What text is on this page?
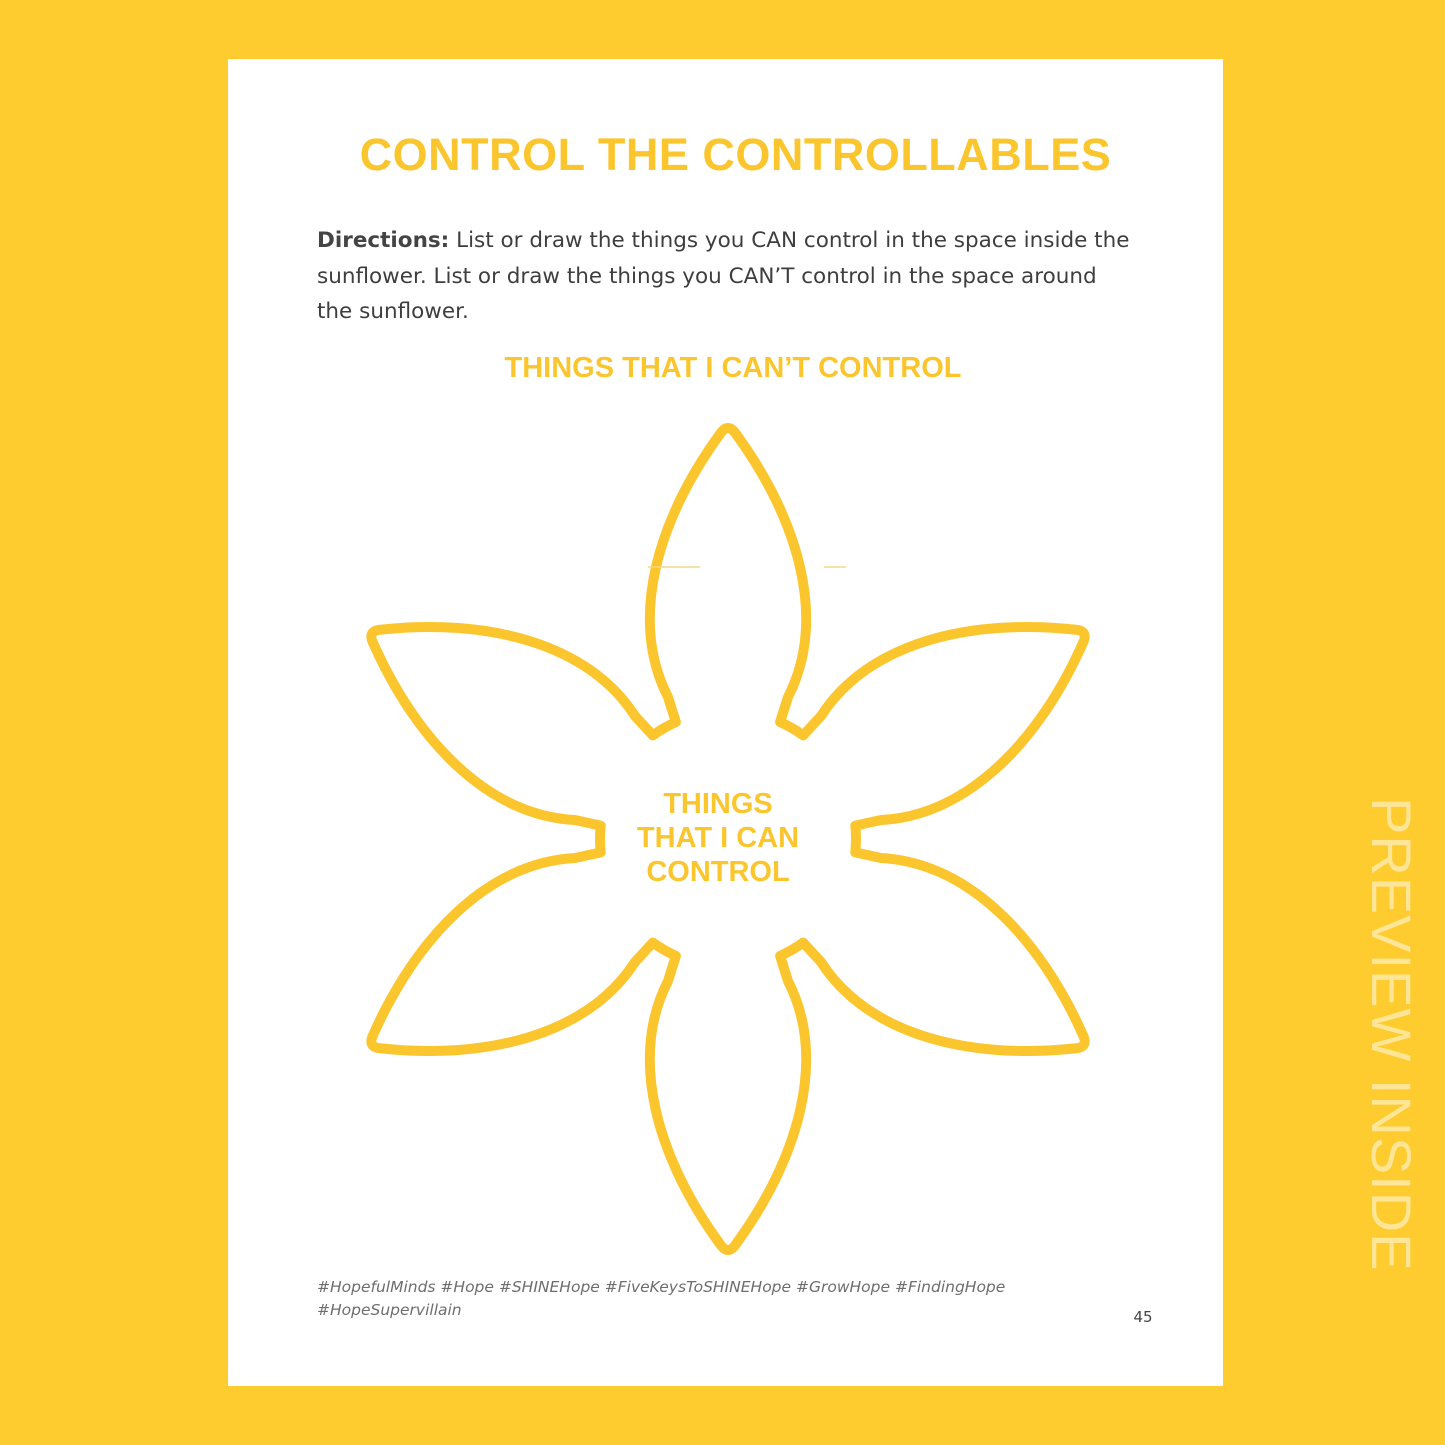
CONTROL THE CONTROLLABLES

Directions: List or draw the things you CAN control in the space inside the sunflower. List or draw the things you CAN’T control in the space around the sunflower.

THINGS THAT I CAN’T CONTROL
THINGS
THAT I CAN
CONTROL
#HopefulMinds #Hope #SHINEHope #FiveKeysToSHINEHope #GrowHope #FindingHope
#HopeSupervillain	45
PREVIEW INSIDE
